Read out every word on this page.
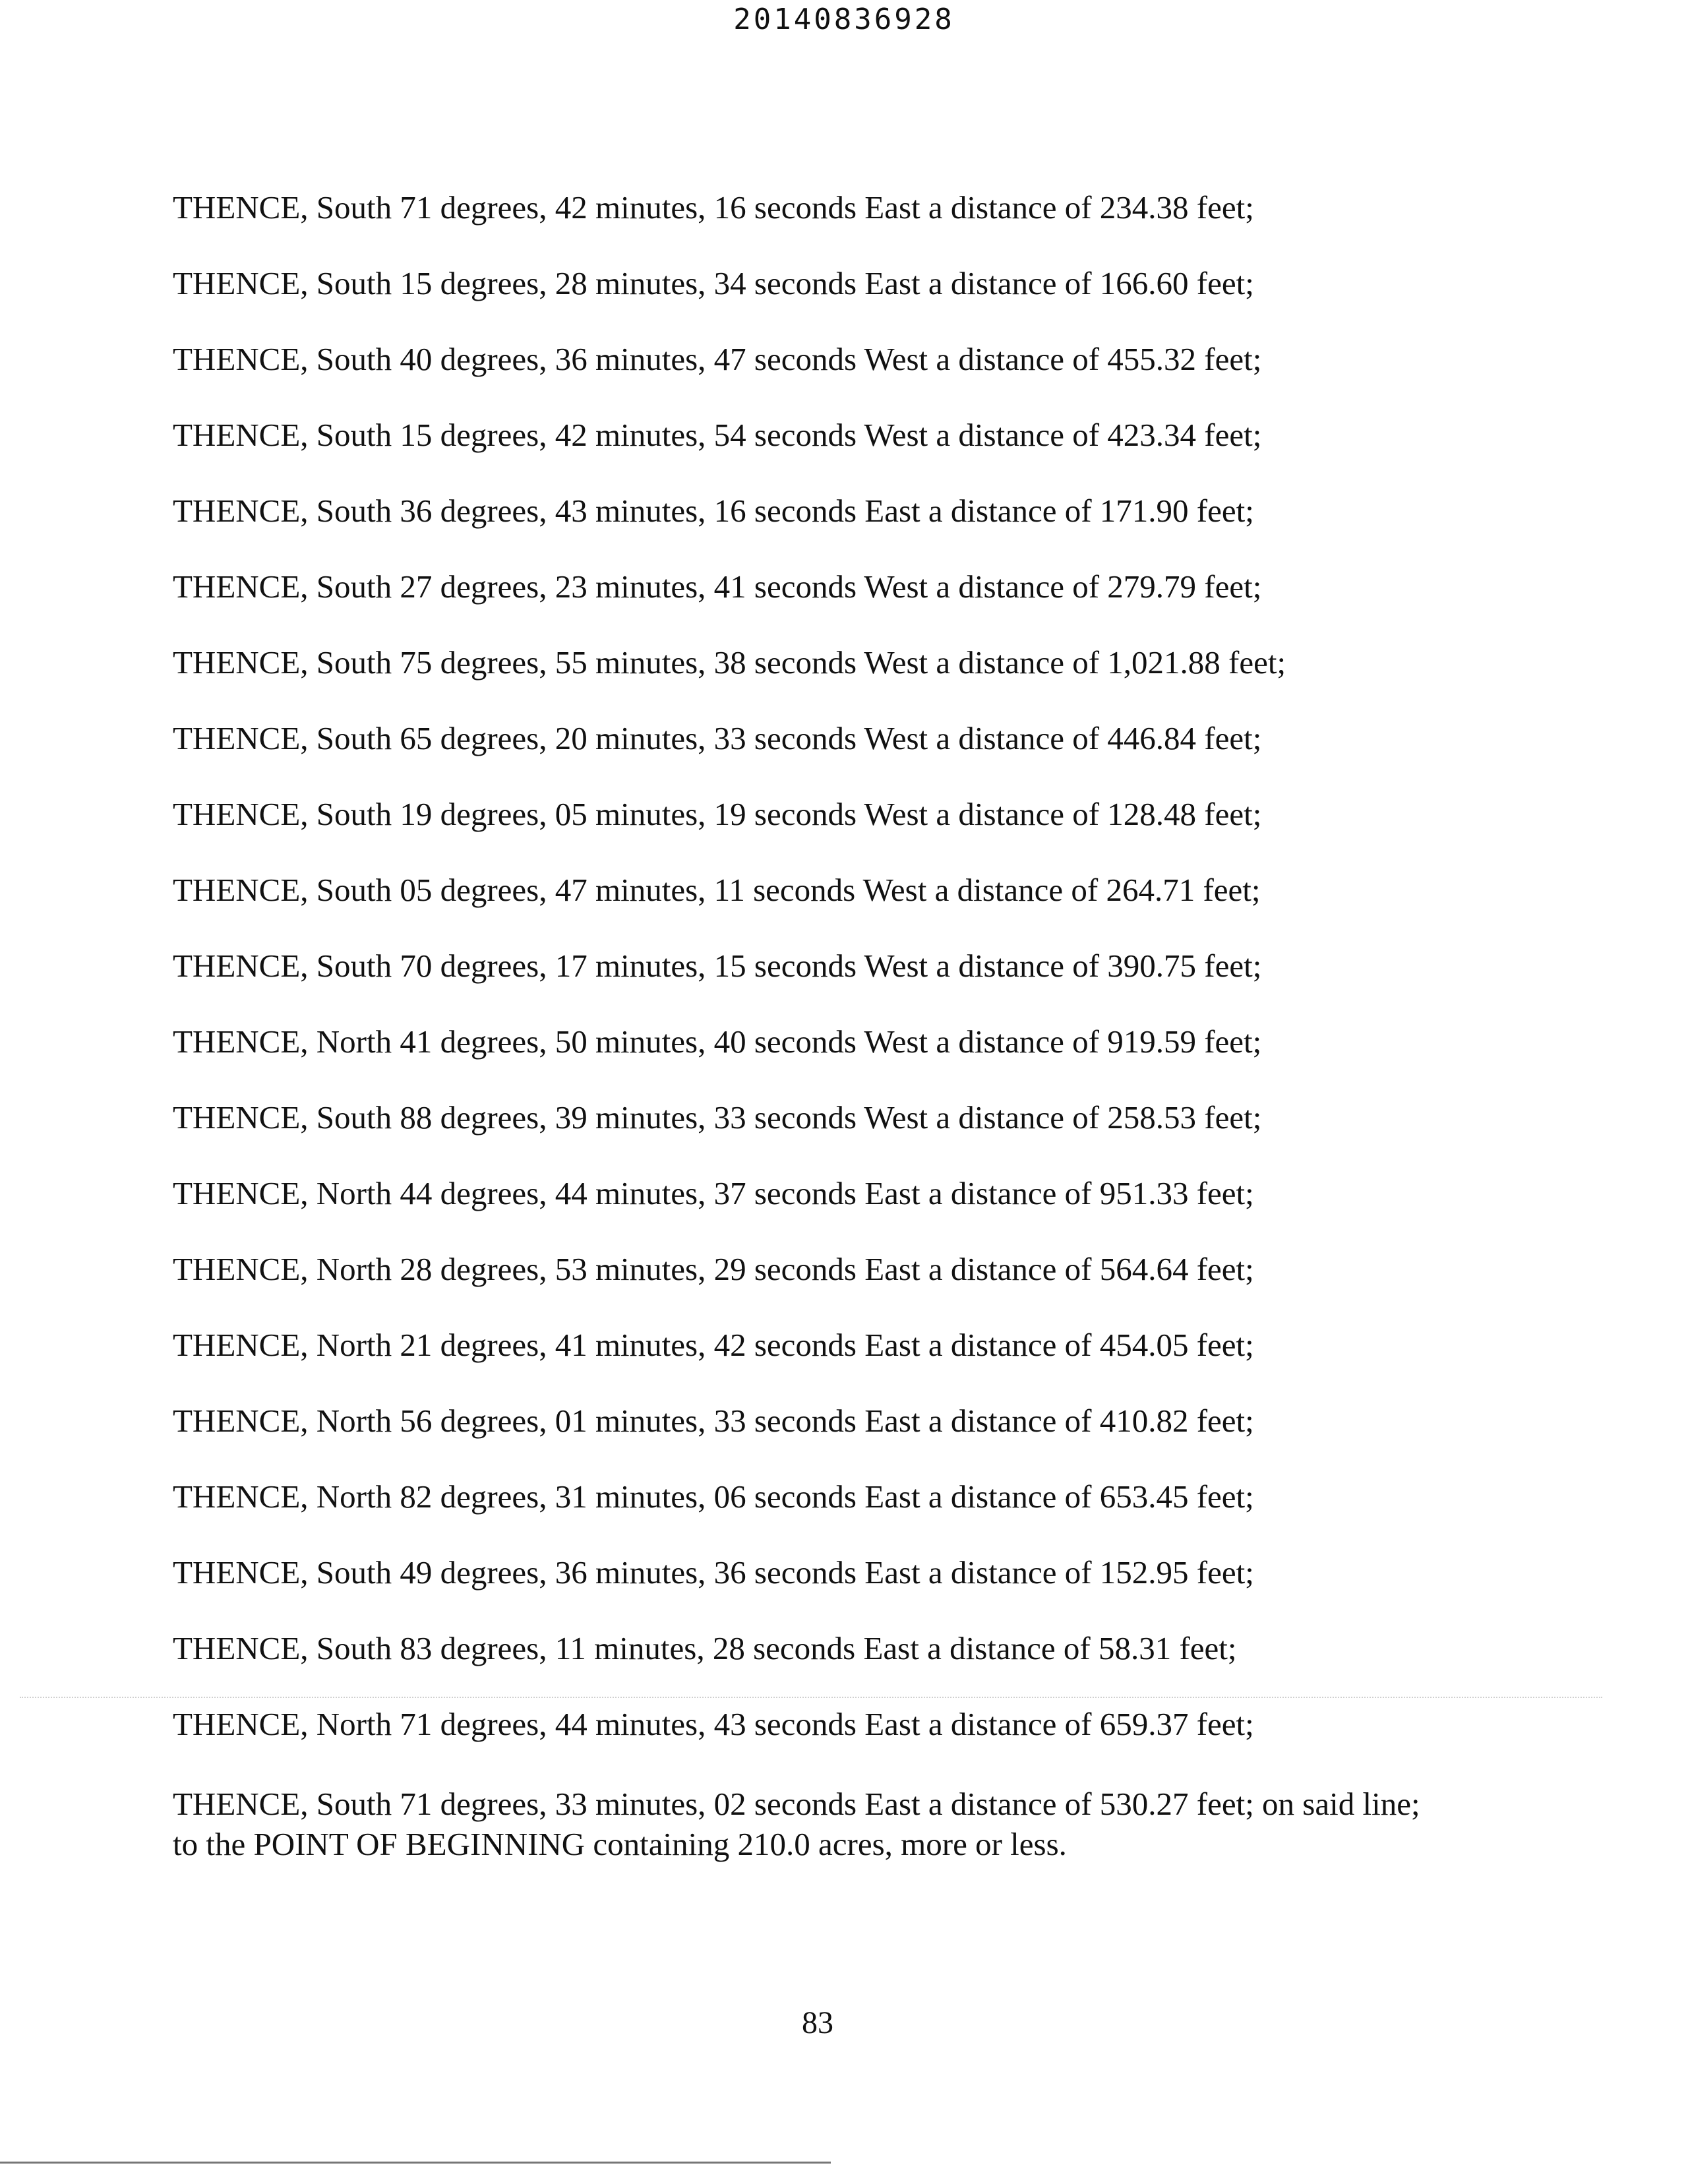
20140836928
THENCE, South 71 degrees, 42 minutes, 16 seconds East a distance of 234.38 feet;
THENCE, South 15 degrees, 28 minutes, 34 seconds East a distance of 166.60 feet;
THENCE, South 40 degrees, 36 minutes, 47 seconds West a distance of 455.32 feet;
THENCE, South 15 degrees, 42 minutes, 54 seconds West a distance of 423.34 feet;
THENCE, South 36 degrees, 43 minutes, 16 seconds East a distance of 171.90 feet;
THENCE, South 27 degrees, 23 minutes, 41 seconds West a distance of 279.79 feet;
THENCE, South 75 degrees, 55 minutes, 38 seconds West a distance of 1,021.88 feet;
THENCE, South 65 degrees, 20 minutes, 33 seconds West a distance of 446.84 feet;
THENCE, South 19 degrees, 05 minutes, 19 seconds West a distance of 128.48 feet;
THENCE, South 05 degrees, 47 minutes, 11 seconds West a distance of 264.71 feet;
THENCE, South 70 degrees, 17 minutes, 15 seconds West a distance of 390.75 feet;
THENCE, North 41 degrees, 50 minutes, 40 seconds West a distance of 919.59 feet;
THENCE, South 88 degrees, 39 minutes, 33 seconds West a distance of 258.53 feet;
THENCE, North 44 degrees, 44 minutes, 37 seconds East a distance of 951.33 feet;
THENCE, North 28 degrees, 53 minutes, 29 seconds East a distance of 564.64 feet;
THENCE, North 21 degrees, 41 minutes, 42 seconds East a distance of 454.05 feet;
THENCE, North 56 degrees, 01 minutes, 33 seconds East a distance of 410.82 feet;
THENCE, North 82 degrees, 31 minutes, 06 seconds East a distance of 653.45 feet;
THENCE, South 49 degrees, 36 minutes, 36 seconds East a distance of 152.95 feet;
THENCE, South 83 degrees, 11 minutes, 28 seconds East a distance of 58.31 feet;
THENCE, North 71 degrees, 44 minutes, 43 seconds East a distance of 659.37 feet;
THENCE, South 71 degrees, 33 minutes, 02 seconds East a distance of 530.27 feet; on said line;
to the POINT OF BEGINNING containing 210.0 acres, more or less.
83
